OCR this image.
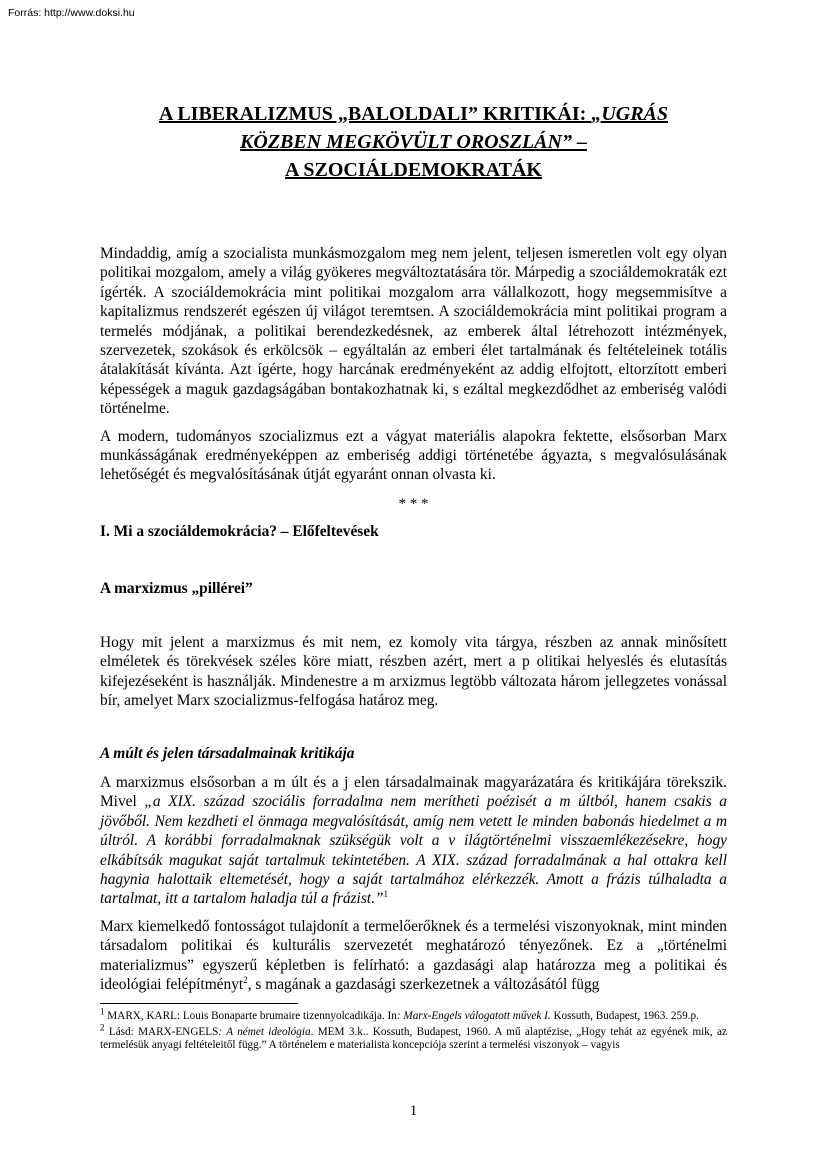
Forrás: http://www.doksi.hu
A LIBERALIZMUS „BALOLDALI” KRITIKÁI: „UGRÁS
KÖZBEN MEGKÖVÜLT OROSZLÁN” –
A SZOCIÁLDEMOKRATÁK

Mindaddig, amíg a szocialista munkásmozgalom meg nem jelent, teljesen ismeretlen volt egy olyan politikai mozgalom, amely a világ gyökeres megváltoztatására tör. Márpedig a szociáldemokraták ezt ígérték. A szociáldemokrácia mint politikai mozgalom arra vállalkozott, hogy megsemmisítve a kapitalizmus rendszerét egészen új világot teremtsen. A szociáldemokrácia mint politikai program a termelés módjának, a politikai berendezkedésnek, az emberek által létrehozott intézmények, szervezetek, szokások és erkölcsök – egyáltalán az emberi élet tartalmának és feltételeinek totális átalakítását kívánta. Azt ígérte, hogy harcának eredményeként az addig elfojtott, eltorzított emberi képességek a maguk gazdagságában bontakozhatnak ki, s ezáltal megkezdődhet az emberiség valódi történelme.

A modern, tudományos szocializmus ezt a vágyat materiális alapokra fektette, elsősorban Marx munkásságának eredményeképpen az emberiség addigi történetébe ágyazta, s megvalósulásának lehetőségét és megvalósításának útját egyaránt onnan olvasta ki.

* * *
I. Mi a szociáldemokrácia? – Előfeltevések
A marxizmus „pillérei”

Hogy mit jelent a marxizmus és mit nem, ez komoly vita tárgya, részben az annak minősített elméletek és törekvések széles köre miatt, részben azért, mert a p olitikai helyeslés és elutasítás kifejezéseként is használják. Mindenestre a m arxizmus legtöbb változata három jellegzetes vonással bír, amelyet Marx szocializmus-felfogása határoz meg.

A múlt és jelen társadalmainak kritikája

A marxizmus elsősorban a m últ és a j elen társadalmainak magyarázatára és kritikájára törekszik. Mivel „a XIX. század szociális forradalma nem merítheti poézisét a m últból, hanem csakis a jövőből. Nem kezdheti el önmaga megvalósítását, amíg nem vetett le minden babonás hiedelmet a m últról. A korábbi forradalmaknak szükségük volt a v ilágtörténelmi visszaemlékezésekre, hogy elkábítsák magukat saját tartalmuk tekintetében. A XIX. század forradalmának a hal ottakra kell hagynia halottaik eltemetését, hogy a saját tartalmához elérkezzék. Amott a frázis túlhaladta a tartalmat, itt a tartalom haladja túl a frázist.”$^1$

Marx kiemelkedő fontosságot tulajdonít a termelőerőknek és a termelési viszonyoknak, mint minden társadalom politikai és kulturális szervezetét meghatározó tényezőnek. Ez a „történelmi materializmus” egyszerű képletben is felírható: a gazdasági alap határozza meg a politikai és ideológiai felépítményt$^2$, s magának a gazdasági szerkezetnek a változásától függ

$^1$ MARX, KARL: Louis Bonaparte brumaire tizennyolcadikája. In: Marx-Engels válogatott művek I. Kossuth, Budapest, 1963. 259.p.

$^2$ Lásd: MARX-ENGELS: A német ideológia. MEM 3.k.. Kossuth, Budapest, 1960. A mű alaptézise, „Hogy tehát az egyének mik, az termelésük anyagi feltételeitől függ.” A történelem e materialista koncepciója szerint a termelési viszonyok – vagyis

1
